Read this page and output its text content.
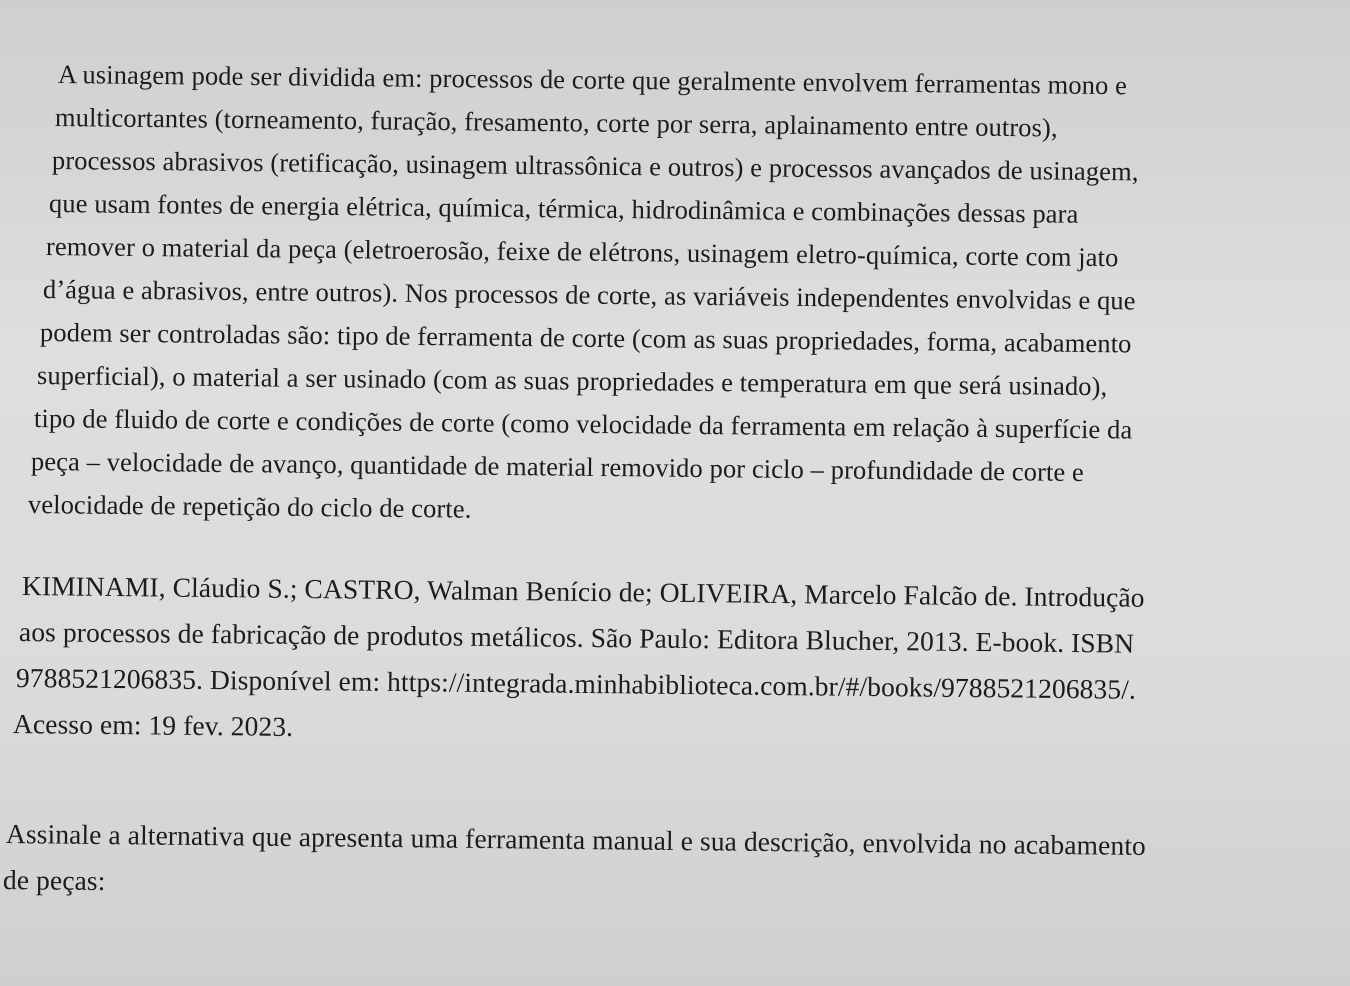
A usinagem pode ser dividida em: processos de corte que geralmente envolvem ferramentas mono e
multicortantes (torneamento, furação, fresamento, corte por serra, aplainamento entre outros),
processos abrasivos (retificação, usinagem ultrassônica e outros) e processos avançados de usinagem,
que usam fontes de energia elétrica, química, térmica, hidrodinâmica e combinações dessas para
remover o material da peça (eletroerosão, feixe de elétrons, usinagem eletro-química, corte com jato
d’água e abrasivos, entre outros). Nos processos de corte, as variáveis independentes envolvidas e que
podem ser controladas são: tipo de ferramenta de corte (com as suas propriedades, forma, acabamento
superficial), o material a ser usinado (com as suas propriedades e temperatura em que será usinado),
tipo de fluido de corte e condições de corte (como velocidade da ferramenta em relação à superfície da
peça – velocidade de avanço, quantidade de material removido por ciclo – profundidade de corte e
velocidade de repetição do ciclo de corte.
KIMINAMI, Cláudio S.; CASTRO, Walman Benício de; OLIVEIRA, Marcelo Falcão de. Introdução
aos processos de fabricação de produtos metálicos. São Paulo: Editora Blucher, 2013. E-book. ISBN
9788521206835. Disponível em: https://integrada.minhabiblioteca.com.br/#/books/9788521206835/.
Acesso em: 19 fev. 2023.
Assinale a alternativa que apresenta uma ferramenta manual e sua descrição, envolvida no acabamento
de peças:
